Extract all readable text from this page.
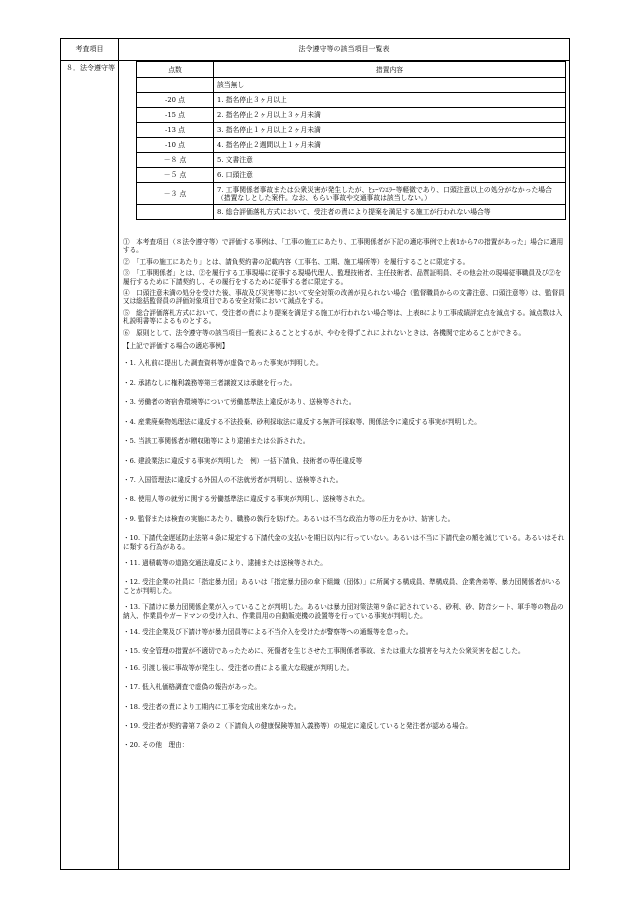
考査項目	法令遵守等の該当項目一覧表
８．法令遵守等	点数	措置内容
	該当無し
-20 点	1. 指名停止３ヶ月以上
-15 点	2. 指名停止２ヶ月以上３ヶ月未満
-13 点	3. 指名停止１ヶ月以上２ヶ月未満
-10 点	4. 指名停止２週間以上１ヶ月未満
－８ 点	5. 文書注意
－５ 点	6. 口頭注意
－３ 点	7. 工事関係者事故または公衆災害が発生したが、ﾋｭｰﾏﾝｴﾗｰ等軽微であり、口頭注意以上の処分がなかった場合（措置なしとした案件。なお、もらい事故や交通事故は該当しない。）
	8. 総合評価落札方式において、受注者の責により提案を満足する施工が行われない場合等
①　本考査項目（８法令遵守等）で評価する事例は、「工事の施工にあたり、工事関係者が下記の適応事例で上表1から7の措置があった」場合に適用する。
②　「工事の施工にあたり」とは、請負契約書の記載内容（工事名、工期、施工場所等）を履行することに限定する。
③　「工事関係者」とは、②を履行する工事現場に従事する現場代理人、監理技術者、主任技術者、品質証明員、その他会社の現場従事職員及び②を履行するために下請契約し、その履行をするために従事する者に限定する。
④　口頭注意未満の処分を受けた後、事故及び災害等において安全対策の改善が見られない場合（監督職員からの文書注意、口頭注意等）は、監督員又は総括監督員の評価対象項目である安全対策において減点をする。
⑤　総合評価落札方式において、受注者の責により提案を満足する施工が行われない場合等は、上表8により工事成績評定点を減点する。減点数は入札説明書等によるものとする。
⑥　原則として、法令遵守等の該当項目一覧表によることとするが、やむを得ずこれによれないときは、各機関で定めることができる。
【上記で評価する場合の適応事例】
・1. 入札前に提出した調査資料等が虚偽であった事実が判明した。
・2. 承諾なしに権利義務等第三者譲渡又は承継を行った。
・3. 労働者の寄宿舎環境等について労働基準法上違反があり、送検等された。
・4. 産業廃棄物処理法に違反する不法投棄、砂利採取法に違反する無許可採取等、関係法令に違反する事実が判明した。
・5. 当該工事関係者が贈収賄等により逮捕または公訴された。
・6. 建設業法に違反する事実が判明した　例）一括下請負、技術者の専任違反等
・7. 入国管理法に違反する外国人の不法就労者が判明し、送検等された。
・8. 使用人等の就労に関する労働基準法に違反する事実が判明し、送検等された。
・9. 監督または検査の実施にあたり、職務の執行を妨げた。あるいは不当な政治力等の圧力をかけ、妨害した。
・10. 下請代金遅延防止法第４条に規定する下請代金の支払いを期日以内に行っていない。あるいは不当に下請代金の額を減じている。あるいはそれに類する行為がある。
・11. 過積載等の道路交通法違反により、逮捕または送検等された。
・12. 受注企業の社員に「指定暴力団」あるいは「指定暴力団の傘下組織（団体）」に所属する構成員、準構成員、企業舎弟等、暴力団関係者がいることが判明した。
・13. 下請けに暴力団関係企業が入っていることが判明した。あるいは暴力団対策法第９条に記されている、砂利、砂、防音シート、軍手等の物品の納入、作業員やガードマンの受け入れ、作業員用の自動販売機の設置等を行っている事実が判明した。
・14. 受注企業及び下請け等が暴力団員等による不当介入を受けたが警察等への通報等を怠った。
・15. 安全管理の措置が不適切であったために、死傷者を生じさせた工事関係者事故、または重大な損害を与えた公衆災害を起こした。
・16. 引渡し後に事故等が発生し、受注者の責による重大な瑕疵が判明した。
・17. 低入札価格調査で虚偽の報告があった。
・18. 受注者の責により工期内に工事を完成出来なかった。
・19. 受注者が契約書第７条の２（下請負人の健康保険等加入義務等）の規定に違反していると発注者が認める場合。
・20. その他　理由：
